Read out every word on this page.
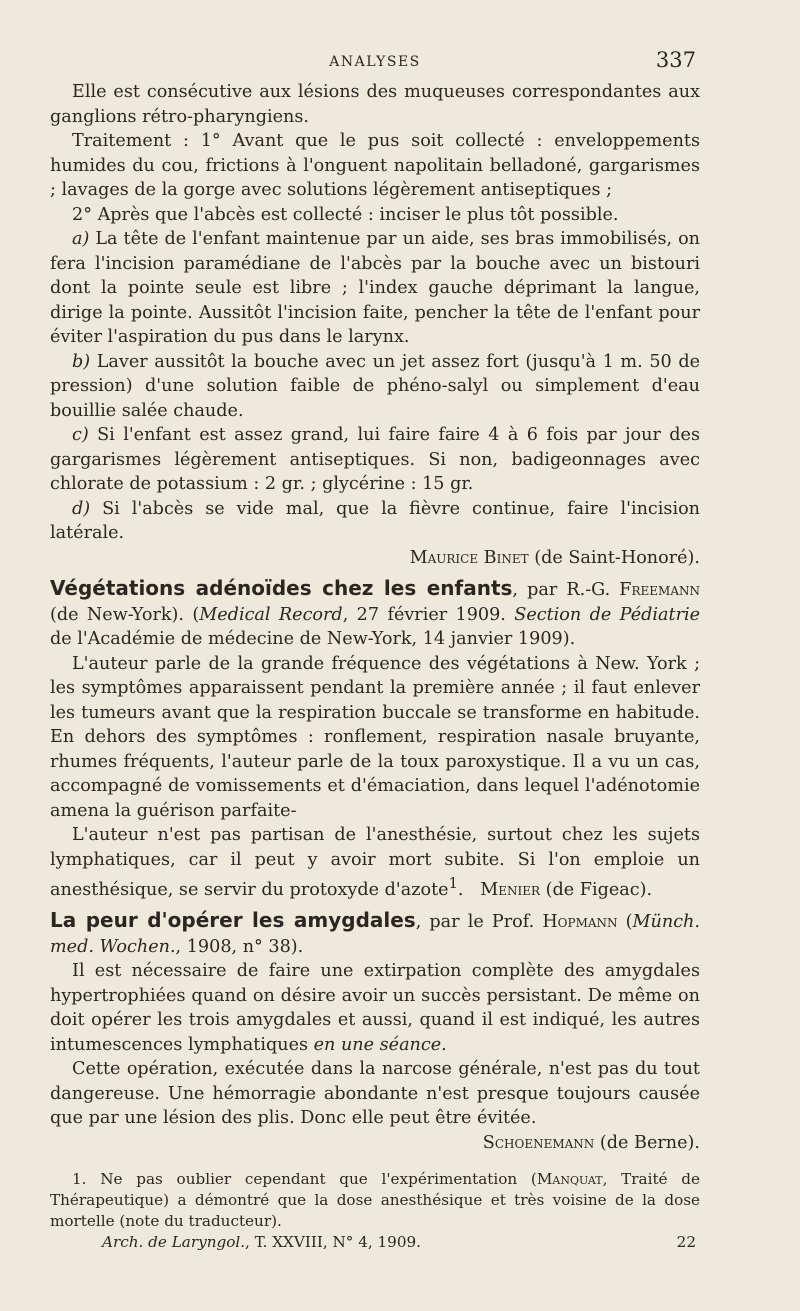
ANALYSES	337

Elle est consécutive aux lésions des muqueuses correspondantes aux ganglions rétro-pharyngiens.

Traitement : 1° Avant que le pus soit collecté : enveloppements humides du cou, frictions à l'onguent napolitain belladoné, gargarismes ; lavages de la gorge avec solutions légèrement antiseptiques ;

2° Après que l'abcès est collecté : inciser le plus tôt possible.

a) La tête de l'enfant maintenue par un aide, ses bras immobilisés, on fera l'incision paramédiane de l'abcès par la bouche avec un bistouri dont la pointe seule est libre ; l'index gauche déprimant la langue, dirige la pointe. Aussitôt l'incision faite, pencher la tête de l'enfant pour éviter l'aspiration du pus dans le larynx.

b) Laver aussitôt la bouche avec un jet assez fort (jusqu'à 1 m. 50 de pression) d'une solution faible de phéno-salyl ou simplement d'eau bouillie salée chaude.

c) Si l'enfant est assez grand, lui faire faire 4 à 6 fois par jour des gargarismes légèrement antiseptiques. Si non, badigeonnages avec chlorate de potassium : 2 gr. ; glycérine : 15 gr.

d) Si l'abcès se vide mal, que la fièvre continue, faire l'incision latérale.

Maurice Binet (de Saint-Honoré).

Végétations adénoïdes chez les enfants, par R.-G. Freemann (de New-York). (Medical Record, 27 février 1909. Section de Pédiatrie de l'Académie de médecine de New-York, 14 janvier 1909).

L'auteur parle de la grande fréquence des végétations à New. York ; les symptômes apparaissent pendant la première année ; il faut enlever les tumeurs avant que la respiration buccale se transforme en habitude. En dehors des symptômes : ronflement, respiration nasale bruyante, rhumes fréquents, l'auteur parle de la toux paroxystique. Il a vu un cas, accompagné de vomissements et d'émaciation, dans lequel l'adénotomie amena la guérison parfaite-

L'auteur n'est pas partisan de l'anesthésie, surtout chez les sujets lymphatiques, car il peut y avoir mort subite. Si l'on emploie un anesthésique, se servir du protoxyde d'azote$^1$.   Menier (de Figeac).

La peur d'opérer les amygdales, par le Prof. Hopmann (Münch. med. Wochen., 1908, n° 38).

Il est nécessaire de faire une extirpation complète des amygdales hypertrophiées quand on désire avoir un succès persistant. De même on doit opérer les trois amygdales et aussi, quand il est indiqué, les autres intumescences lymphatiques en une séance.

Cette opération, exécutée dans la narcose générale, n'est pas du tout dangereuse. Une hémorragie abondante n'est presque toujours causée que par une lésion des plis. Donc elle peut être évitée.

Schoenemann (de Berne).

1. Ne pas oublier cependant que l'expérimentation (Manquat, Traité de Thérapeutique) a démontré que la dose anesthésique et très voisine de la dose mortelle (note du traducteur).

Arch. de Laryngol., T. XXVIII, N° 4, 1909.	22
